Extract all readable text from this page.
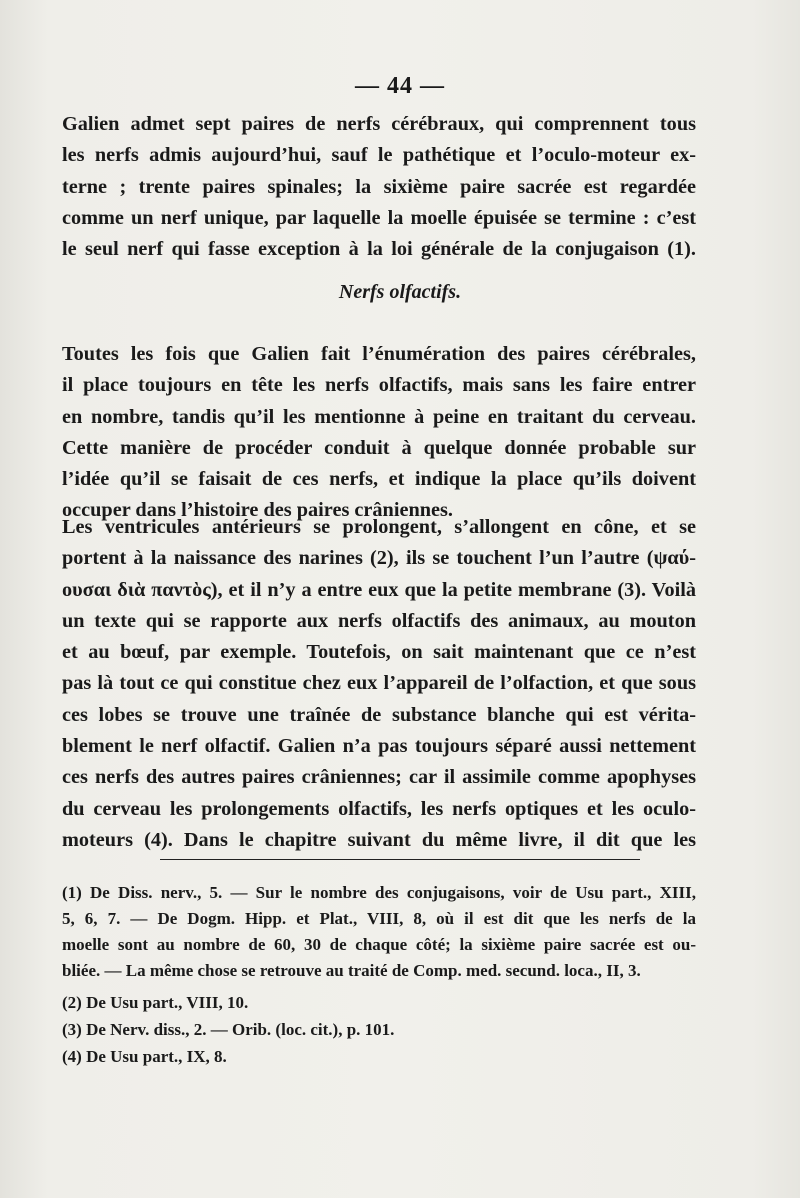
— 44 —
Galien admet sept paires de nerfs cérébraux, qui comprennent tous
les nerfs admis aujourd’hui, sauf le pathétique et l’oculo-moteur ex-
terne ; trente paires spinales; la sixième paire sacrée est regardée
comme un nerf unique, par laquelle la moelle épuisée se termine : c’est
le seul nerf qui fasse exception à la loi générale de la conjugaison (1).
Nerfs olfactifs.
Toutes les fois que Galien fait l’énumération des paires cérébrales,
il place toujours en tête les nerfs olfactifs, mais sans les faire entrer
en nombre, tandis qu’il les mentionne à peine en traitant du cerveau.
Cette manière de procéder conduit à quelque donnée probable sur
l’idée qu’il se faisait de ces nerfs, et indique la place qu’ils doivent
occuper dans l’histoire des paires crâniennes.
Les ventricules antérieurs se prolongent, s’allongent en cône, et se
portent à la naissance des narines (2), ils se touchent l’un l’autre (ψαύ-
ουσαι διὰ παντὸς), et il n’y a entre eux que la petite membrane (3). Voilà
un texte qui se rapporte aux nerfs olfactifs des animaux, au mouton
et au bœuf, par exemple. Toutefois, on sait maintenant que ce n’est
pas là tout ce qui constitue chez eux l’appareil de l’olfaction, et que sous
ces lobes se trouve une traînée de substance blanche qui est vérita-
blement le nerf olfactif. Galien n’a pas toujours séparé aussi nettement
ces nerfs des autres paires crâniennes; car il assimile comme apophyses
du cerveau les prolongements olfactifs, les nerfs optiques et les oculo-
moteurs (4). Dans le chapitre suivant du même livre, il dit que les
(1) De Diss. nerv., 5. — Sur le nombre des conjugaisons, voir de Usu part., XIII,
5, 6, 7. — De Dogm. Hipp. et Plat., VIII, 8, où il est dit que les nerfs de la
moelle sont au nombre de 60, 30 de chaque côté; la sixième paire sacrée est ou-
bliée. — La même chose se retrouve au traité de Comp. med. secund. loca., II, 3.
(2) De Usu part., VIII, 10.
(3) De Nerv. diss., 2. — Orib. (loc. cit.), p. 101.
(4) De Usu part., IX, 8.
